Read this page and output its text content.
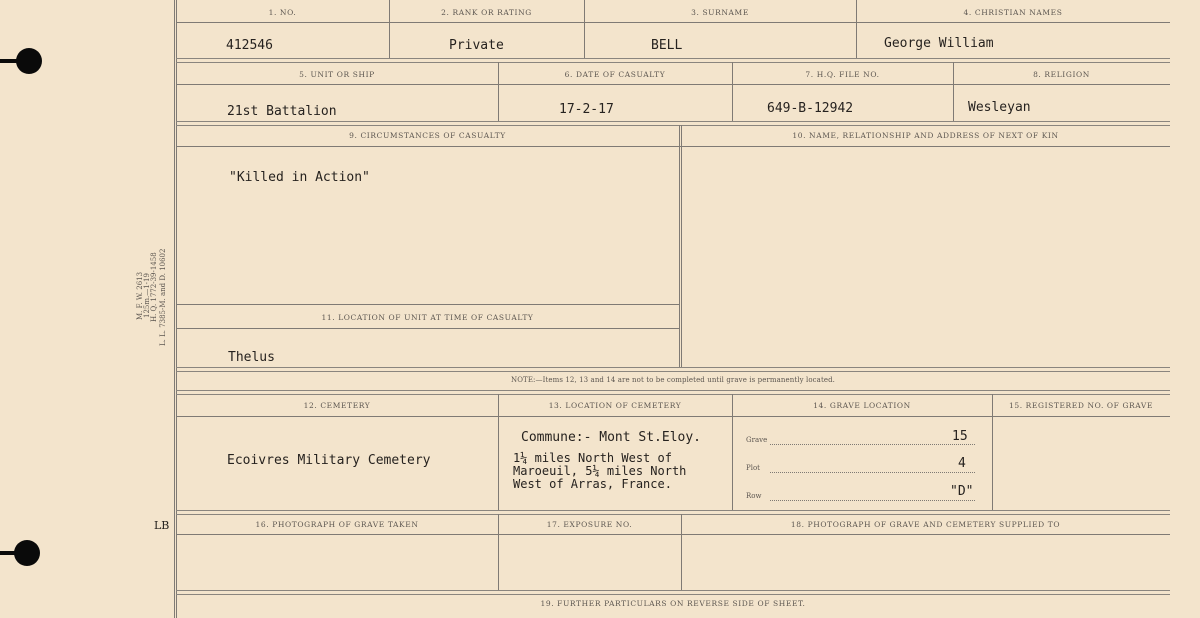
M. F. W. 2613 125m.—1-19 H. Q. 1772-39-1458 L. L. 7385-M. and D. 10602
LB
1. NO.	2. RANK OR RATING	3. SURNAME	4. CHRISTIAN NAMES
412546	Private	BELL	George William
5. UNIT OR SHIP	6. DATE OF CASUALTY	7. H.Q. FILE NO.	8. RELIGION
21st Battalion	17-2-17	649-B-12942	Wesleyan
9. CIRCUMSTANCES OF CASUALTY	10. NAME, RELATIONSHIP AND ADDRESS OF NEXT OF KIN
"Killed in Action"
11. LOCATION OF UNIT AT TIME OF CASUALTY
Thelus
NOTE:—Items 12, 13 and 14 are not to be completed until grave is permanently located.
12. CEMETERY	13. LOCATION OF CEMETERY	14. GRAVE LOCATION	15. REGISTERED NO. OF GRAVE
Ecoivres Military Cemetery
Commune:- Mont St.Eloy.
1¼ miles North West of
Maroeuil, 5¼ miles North
West of Arras, France.
Grave	15
Plot	4
Row	"D"
16. PHOTOGRAPH OF GRAVE TAKEN	17. EXPOSURE NO.	18. PHOTOGRAPH OF GRAVE AND CEMETERY SUPPLIED TO
19. FURTHER PARTICULARS ON REVERSE SIDE OF SHEET.
